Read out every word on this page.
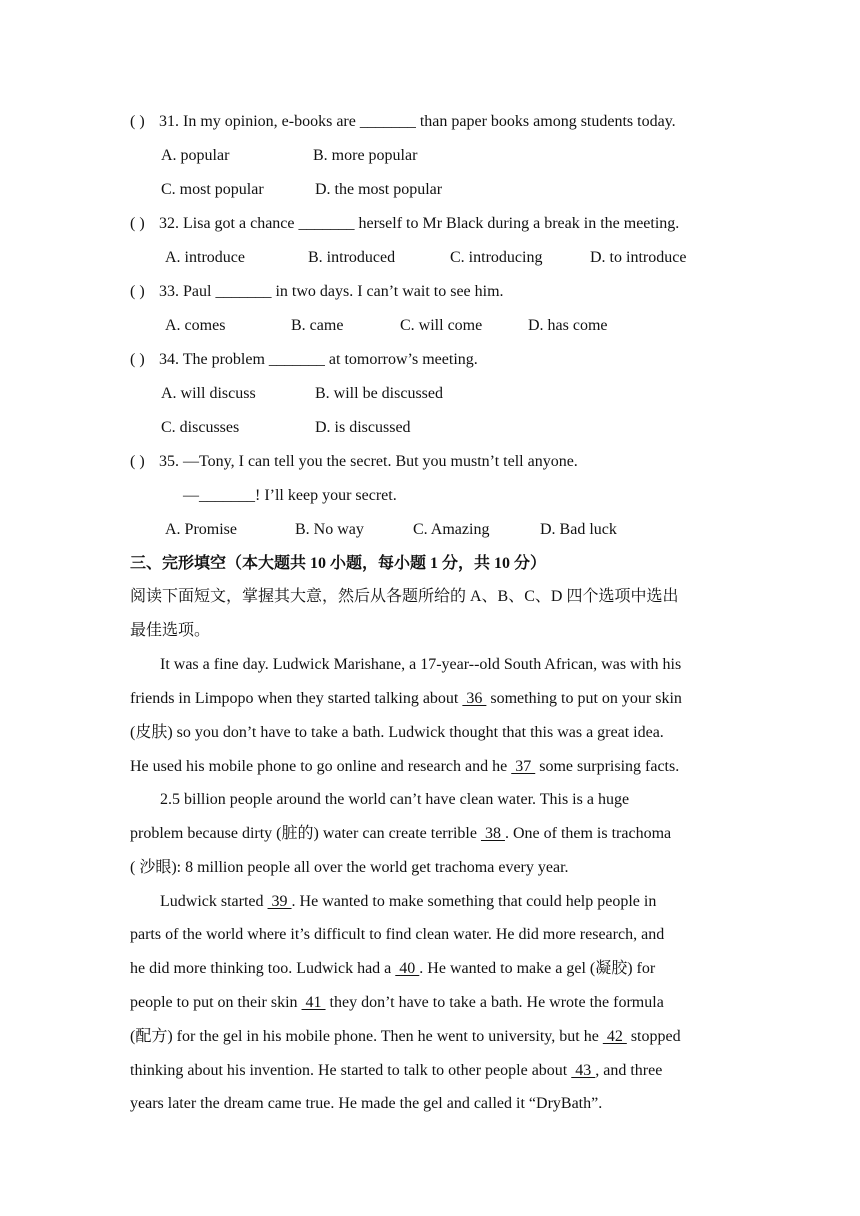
( ) 31. In my opinion, e-books are _______ than paper books among students today.
A. popular	B. more popular
C. most popular	D. the most popular
( ) 32. Lisa got a chance _______ herself to Mr Black during a break in the meeting.
A. introduce	B. introduced	C. introducing	D. to introduce
( ) 33. Paul _______ in two days. I can’t wait to see him.
A. comes	B. came	C. will come	D. has come
( ) 34. The problem _______ at tomorrow’s meeting.
A. will discuss	B. will be discussed
C. discusses	D. is discussed
( ) 35. —Tony, I can tell you the secret. But you mustn’t tell anyone.
—_______! I’ll keep your secret.
A. Promise	B. No way	C. Amazing	D. Bad luck
三、完形填空（本大题共 10 小题，每小题 1 分，共 10 分）
阅读下面短文，掌握其大意，然后从各题所给的 A、B、C、D 四个选项中选出
最佳选项。
It was a fine day. Ludwick Marishane, a 17-year--old South African, was with his
friends in Limpopo when they started talking about  36  something to put on your skin
(皮肤) so you don’t have to take a bath. Ludwick thought that this was a great idea.
He used his mobile phone to go online and research and he  37  some surprising facts.
2.5 billion people around the world can’t have clean water. This is a huge
problem because dirty (脏的) water can create terrible  38 . One of them is trachoma
( 沙眼): 8 million people all over the world get trachoma every year.
Ludwick started  39 . He wanted to make something that could help people in
parts of the world where it’s difficult to find clean water. He did more research, and
he did more thinking too. Ludwick had a  40 . He wanted to make a gel (凝胶) for
people to put on their skin  41  they don’t have to take a bath. He wrote the formula
(配方) for the gel in his mobile phone. Then he went to university, but he  42  stopped
thinking about his invention. He started to talk to other people about  43 , and three
years later the dream came true. He made the gel and called it “DryBath”.
